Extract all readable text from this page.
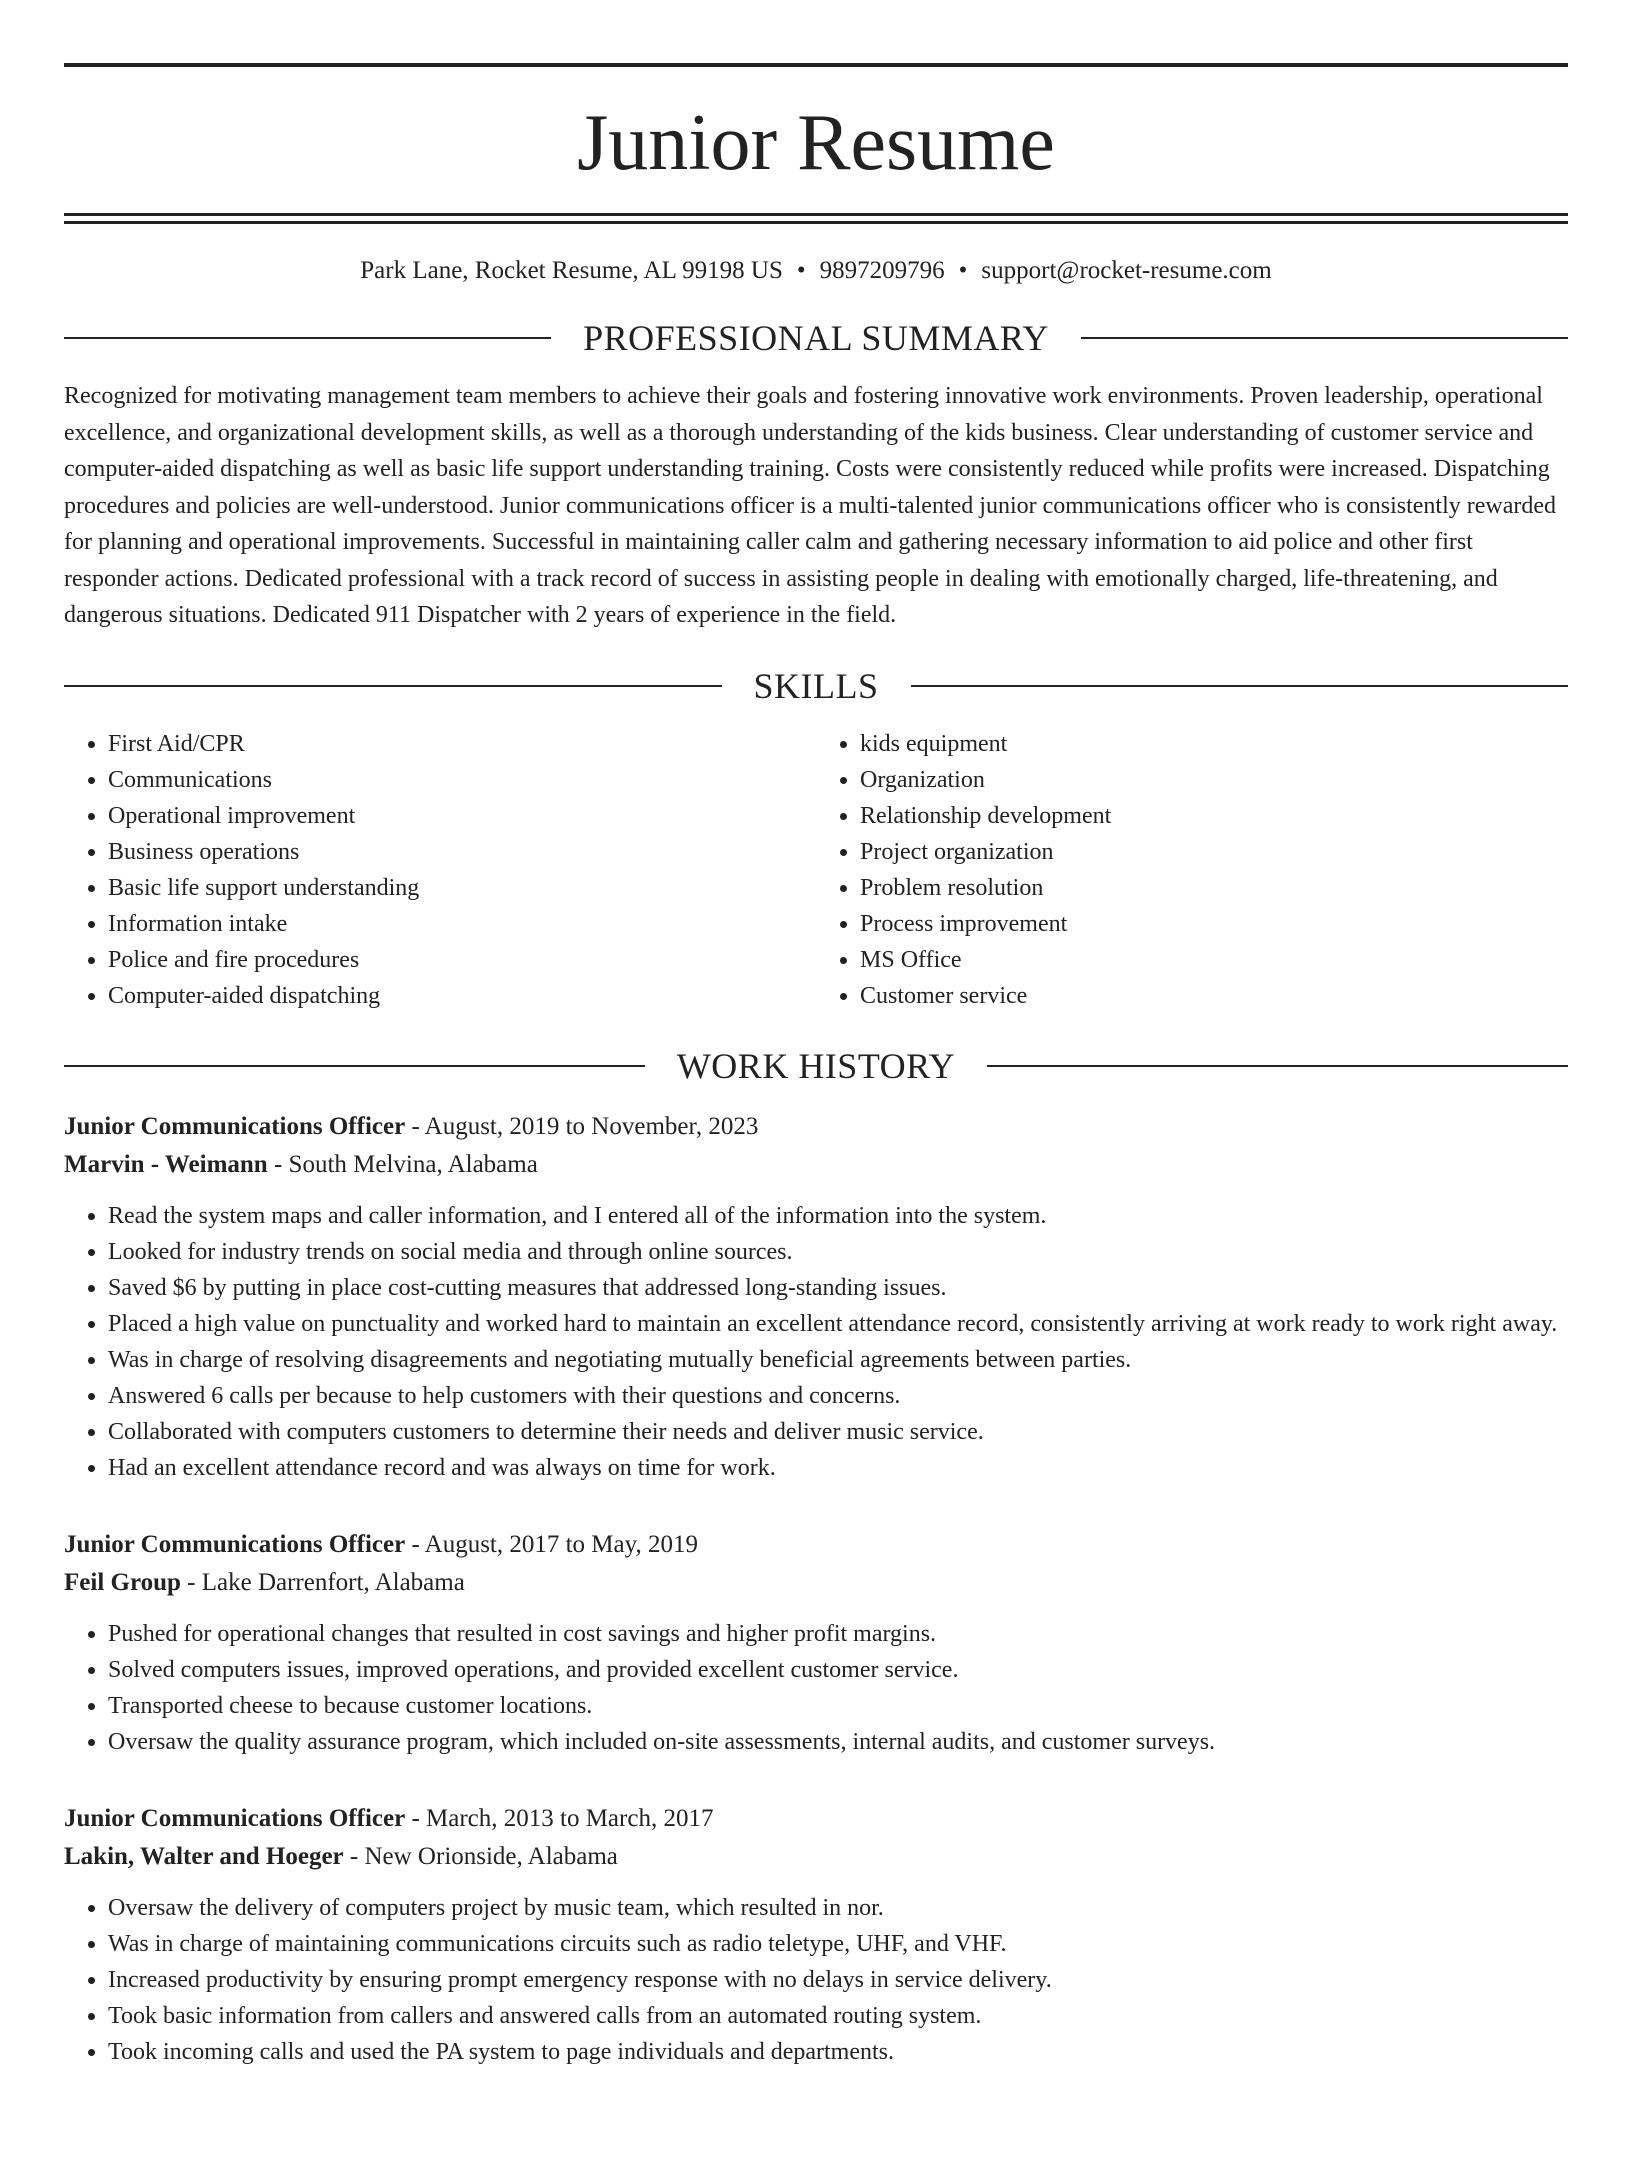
Junior Resume
Park Lane, Rocket Resume, AL 99198 US • 9897209796 • support@rocket-resume.com
PROFESSIONAL SUMMARY
Recognized for motivating management team members to achieve their goals and fostering innovative work environments. Proven leadership, operational excellence, and organizational development skills, as well as a thorough understanding of the kids business. Clear understanding of customer service and computer-aided dispatching as well as basic life support understanding training. Costs were consistently reduced while profits were increased. Dispatching procedures and policies are well-understood. Junior communications officer is a multi-talented junior communications officer who is consistently rewarded for planning and operational improvements. Successful in maintaining caller calm and gathering necessary information to aid police and other first responder actions. Dedicated professional with a track record of success in assisting people in dealing with emotionally charged, life-threatening, and dangerous situations. Dedicated 911 Dispatcher with 2 years of experience in the field.
SKILLS
• First Aid/CPR
• Communications
• Operational improvement
• Business operations
• Basic life support understanding
• Information intake
• Police and fire procedures
• Computer-aided dispatching
• kids equipment
• Organization
• Relationship development
• Project organization
• Problem resolution
• Process improvement
• MS Office
• Customer service
WORK HISTORY
Junior Communications Officer - August, 2019 to November, 2023
Marvin - Weimann - South Melvina, Alabama
• Read the system maps and caller information, and I entered all of the information into the system.
• Looked for industry trends on social media and through online sources.
• Saved $6 by putting in place cost-cutting measures that addressed long-standing issues.
• Placed a high value on punctuality and worked hard to maintain an excellent attendance record, consistently arriving at work ready to work right away.
• Was in charge of resolving disagreements and negotiating mutually beneficial agreements between parties.
• Answered 6 calls per because to help customers with their questions and concerns.
• Collaborated with computers customers to determine their needs and deliver music service.
• Had an excellent attendance record and was always on time for work.
Junior Communications Officer - August, 2017 to May, 2019
Feil Group - Lake Darrenfort, Alabama
• Pushed for operational changes that resulted in cost savings and higher profit margins.
• Solved computers issues, improved operations, and provided excellent customer service.
• Transported cheese to because customer locations.
• Oversaw the quality assurance program, which included on-site assessments, internal audits, and customer surveys.
Junior Communications Officer - March, 2013 to March, 2017
Lakin, Walter and Hoeger - New Orionside, Alabama
• Oversaw the delivery of computers project by music team, which resulted in nor.
• Was in charge of maintaining communications circuits such as radio teletype, UHF, and VHF.
• Increased productivity by ensuring prompt emergency response with no delays in service delivery.
• Took basic information from callers and answered calls from an automated routing system.
• Took incoming calls and used the PA system to page individuals and departments.
